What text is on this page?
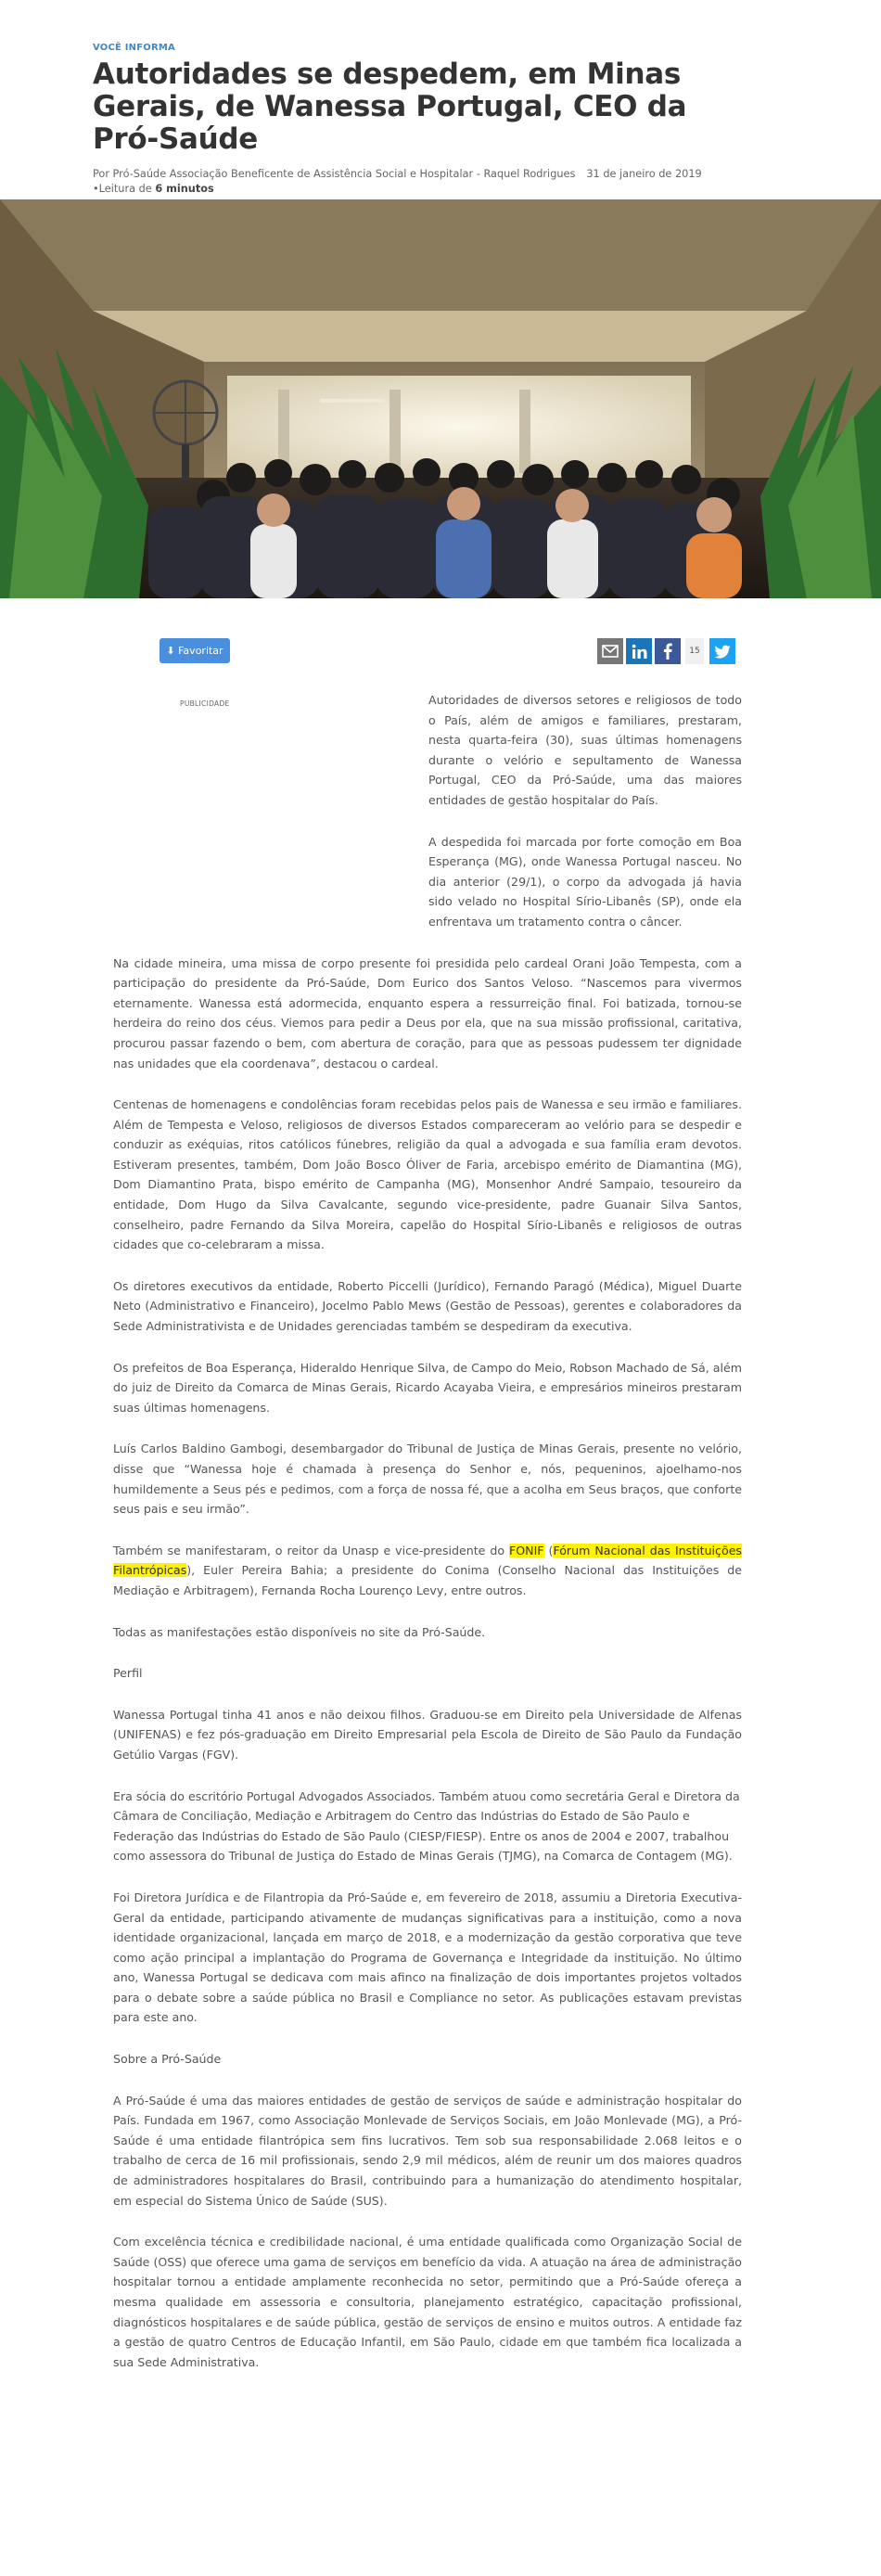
VOCÊ INFORMA
Autoridades se despedem, em Minas Gerais, de Wanessa Portugal, CEO da Pró-Saúde
Por Pró-Saúde Associação Beneficente de Assistência Social e Hospitalar - Raquel Rodrigues 31 de janeiro de 2019
•Leitura de 6 minutos
⬇ Favoritar	15
PUBLICIDADE	Autoridades de diversos setores e religiosos de todo o País, além de amigos e familiares, prestaram, nesta quarta-feira (30), suas últimas homenagens durante o velório e sepultamento de Wanessa Portugal, CEO da Pró-Saúde, uma das maiores entidades de gestão hospitalar do País.

A despedida foi marcada por forte comoção em Boa Esperança (MG), onde Wanessa Portugal nasceu. No dia anterior (29/1), o corpo da advogada já havia sido velado no Hospital Sírio-Libanês (SP), onde ela enfrentava um tratamento contra o câncer.

Na cidade mineira, uma missa de corpo presente foi presidida pelo cardeal Orani João Tempesta, com a participação do presidente da Pró-Saúde, Dom Eurico dos Santos Veloso. “Nascemos para vivermos eternamente. Wanessa está adormecida, enquanto espera a ressurreição final. Foi batizada, tornou-se herdeira do reino dos céus. Viemos para pedir a Deus por ela, que na sua missão profissional, caritativa, procurou passar fazendo o bem, com abertura de coração, para que as pessoas pudessem ter dignidade nas unidades que ela coordenava”, destacou o cardeal.

Centenas de homenagens e condolências foram recebidas pelos pais de Wanessa e seu irmão e familiares. Além de Tempesta e Veloso, religiosos de diversos Estados compareceram ao velório para se despedir e conduzir as exéquias, ritos católicos fúnebres, religião da qual a advogada e sua família eram devotos. Estiveram presentes, também, Dom João Bosco Óliver de Faria, arcebispo emérito de Diamantina (MG), Dom Diamantino Prata, bispo emérito de Campanha (MG), Monsenhor André Sampaio, tesoureiro da entidade, Dom Hugo da Silva Cavalcante, segundo vice-presidente, padre Guanair Silva Santos, conselheiro, padre Fernando da Silva Moreira, capelão do Hospital Sírio-Libanês e religiosos de outras cidades que co-celebraram a missa.

Os diretores executivos da entidade, Roberto Piccelli (Jurídico), Fernando Paragó (Médica), Miguel Duarte Neto (Administrativo e Financeiro), Jocelmo Pablo Mews (Gestão de Pessoas), gerentes e colaboradores da Sede Administrativista e de Unidades gerenciadas também se despediram da executiva.

Os prefeitos de Boa Esperança, Hideraldo Henrique Silva, de Campo do Meio, Robson Machado de Sá, além do juiz de Direito da Comarca de Minas Gerais, Ricardo Acayaba Vieira, e empresários mineiros prestaram suas últimas homenagens.

Luís Carlos Baldino Gambogi, desembargador do Tribunal de Justiça de Minas Gerais, presente no velório, disse que “Wanessa hoje é chamada à presença do Senhor e, nós, pequeninos, ajoelhamo-nos humildemente a Seus pés e pedimos, com a força de nossa fé, que a acolha em Seus braços, que conforte seus pais e seu irmão”.

Também se manifestaram, o reitor da Unasp e vice-presidente do FONIF (Fórum Nacional das Instituições Filantrópicas), Euler Pereira Bahia; a presidente do Conima (Conselho Nacional das Instituições de Mediação e Arbitragem), Fernanda Rocha Lourenço Levy, entre outros.

Todas as manifestações estão disponíveis no site da Pró-Saúde.

Perfil

Wanessa Portugal tinha 41 anos e não deixou filhos. Graduou-se em Direito pela Universidade de Alfenas (UNIFENAS) e fez pós-graduação em Direito Empresarial pela Escola de Direito de São Paulo da Fundação Getúlio Vargas (FGV).

Era sócia do escritório Portugal Advogados Associados. Também atuou como secretária Geral e Diretora da Câmara de Conciliação, Mediação e Arbitragem do Centro das Indústrias do Estado de São Paulo e Federação das Indústrias do Estado de São Paulo (CIESP/FIESP). Entre os anos de 2004 e 2007, trabalhou como assessora do Tribunal de Justiça do Estado de Minas Gerais (TJMG), na Comarca de Contagem (MG).

Foi Diretora Jurídica e de Filantropia da Pró-Saúde e, em fevereiro de 2018, assumiu a Diretoria Executiva-Geral da entidade, participando ativamente de mudanças significativas para a instituição, como a nova identidade organizacional, lançada em março de 2018, e a modernização da gestão corporativa que teve como ação principal a implantação do Programa de Governança e Integridade da instituição. No último ano, Wanessa Portugal se dedicava com mais afinco na finalização de dois importantes projetos voltados para o debate sobre a saúde pública no Brasil e Compliance no setor. As publicações estavam previstas para este ano.

Sobre a Pró-Saúde

A Pró-Saúde é uma das maiores entidades de gestão de serviços de saúde e administração hospitalar do País. Fundada em 1967, como Associação Monlevade de Serviços Sociais, em João Monlevade (MG), a Pró-Saúde é uma entidade filantrópica sem fins lucrativos. Tem sob sua responsabilidade 2.068 leitos e o trabalho de cerca de 16 mil profissionais, sendo 2,9 mil médicos, além de reunir um dos maiores quadros de administradores hospitalares do Brasil, contribuindo para a humanização do atendimento hospitalar, em especial do Sistema Único de Saúde (SUS).

Com excelência técnica e credibilidade nacional, é uma entidade qualificada como Organização Social de Saúde (OSS) que oferece uma gama de serviços em benefício da vida. A atuação na área de administração hospitalar tornou a entidade amplamente reconhecida no setor, permitindo que a Pró-Saúde ofereça a mesma qualidade em assessoria e consultoria, planejamento estratégico, capacitação profissional, diagnósticos hospitalares e de saúde pública, gestão de serviços de ensino e muitos outros. A entidade faz a gestão de quatro Centros de Educação Infantil, em São Paulo, cidade em que também fica localizada a sua Sede Administrativa.
